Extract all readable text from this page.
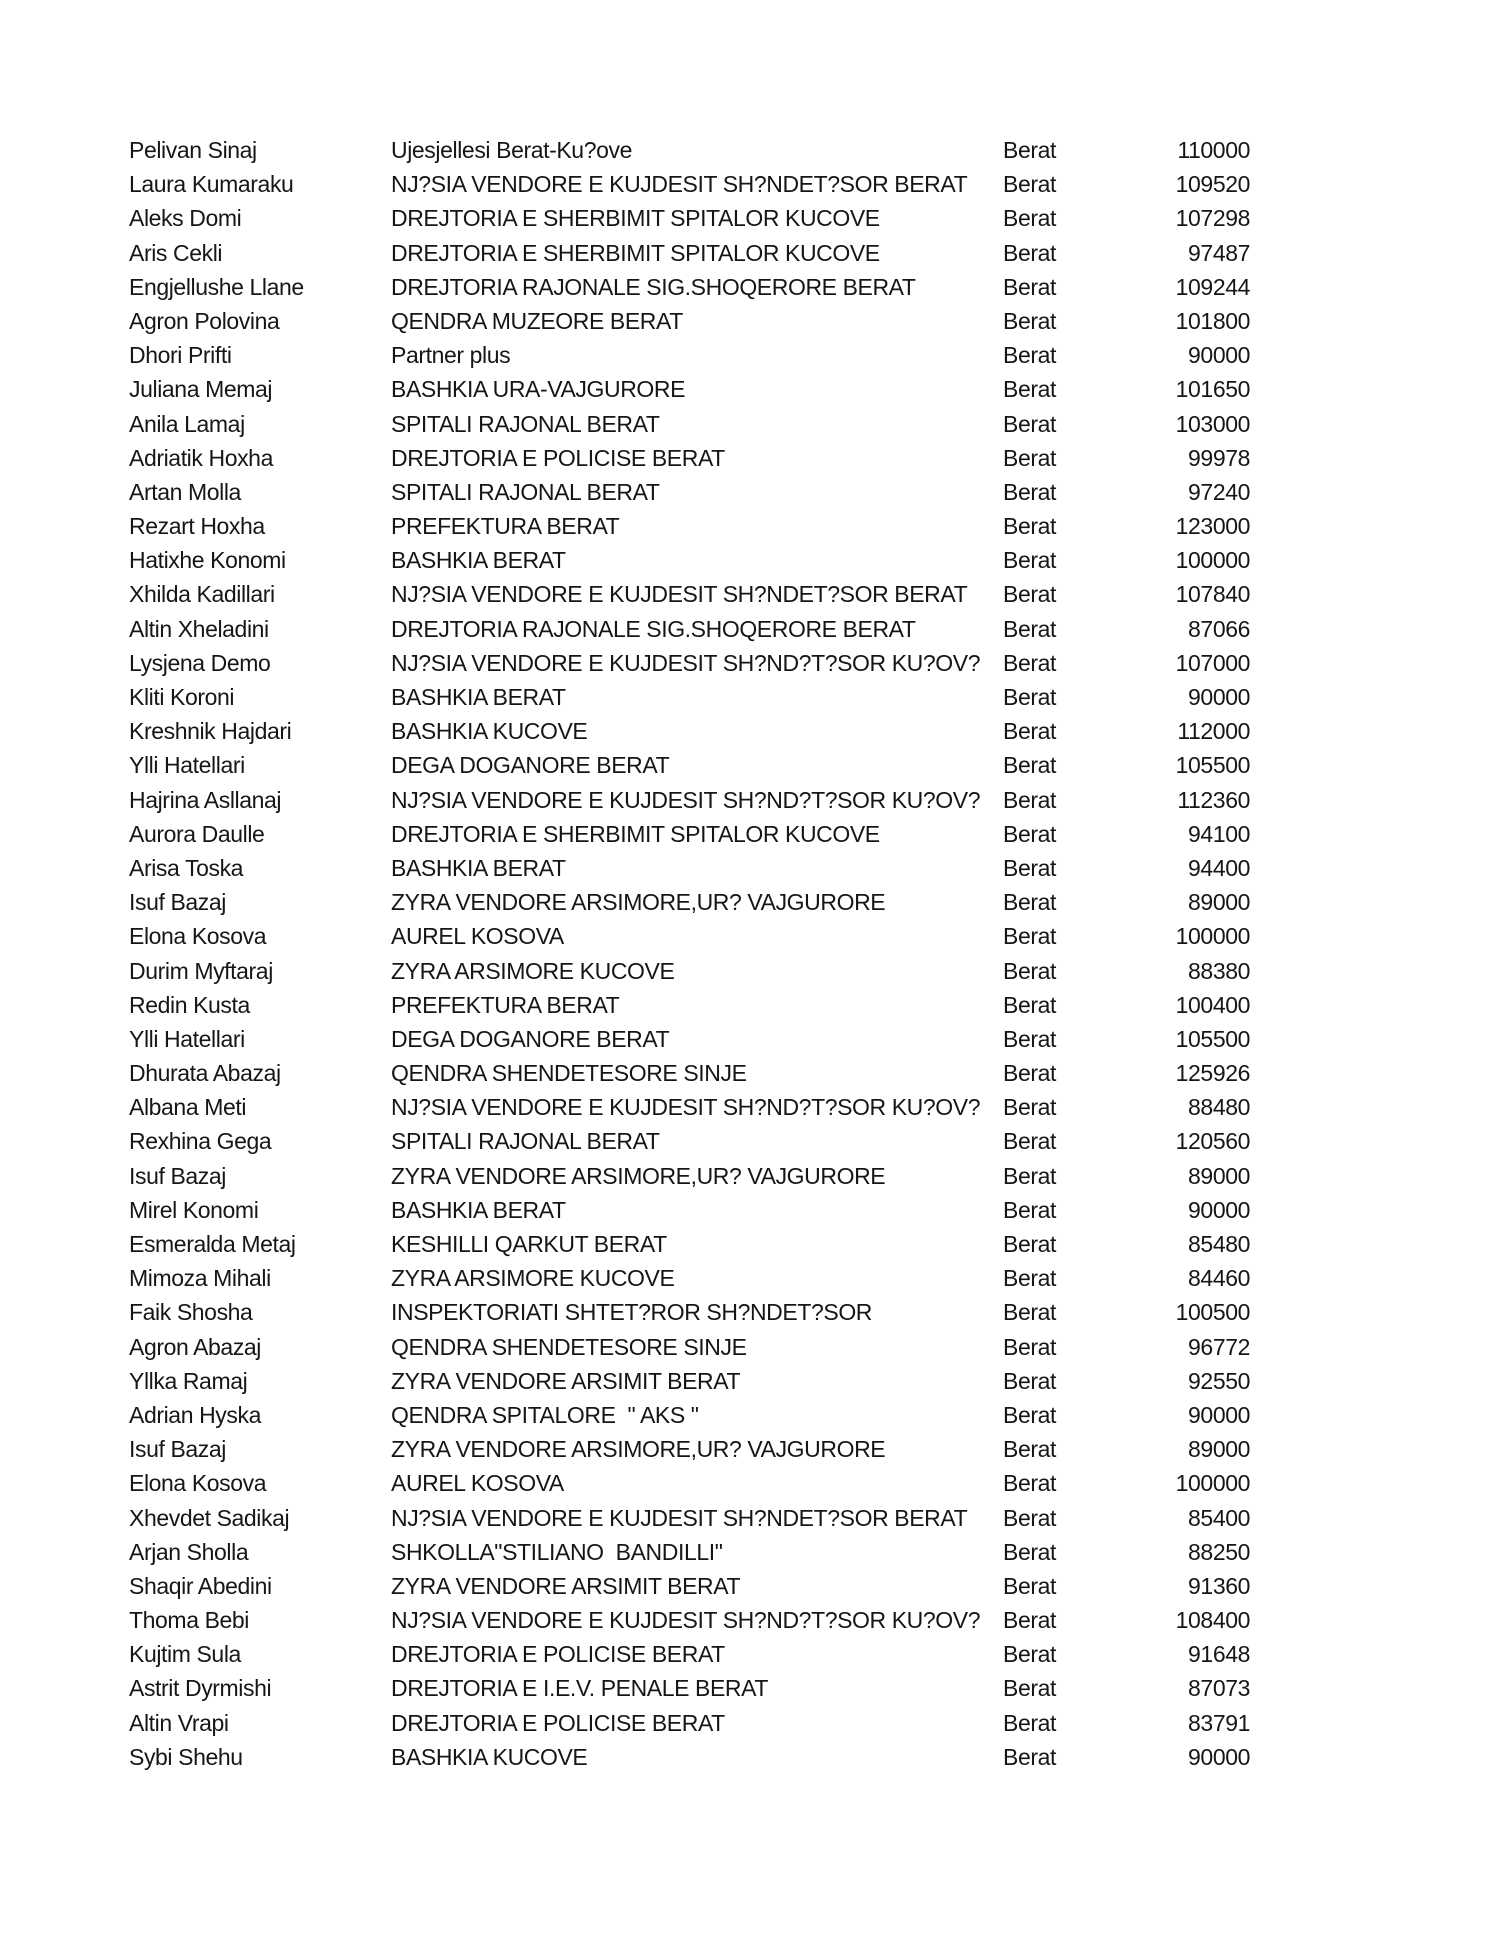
Pelivan Sinaj	Ujesjellesi Berat-Ku?ove	Berat	110000
Laura Kumaraku	NJ?SIA VENDORE E KUJDESIT SH?NDET?SOR BERAT	Berat	109520
Aleks Domi	DREJTORIA E SHERBIMIT SPITALOR KUCOVE	Berat	107298
Aris Cekli	DREJTORIA E SHERBIMIT SPITALOR KUCOVE	Berat	97487
Engjellushe Llane	DREJTORIA RAJONALE SIG.SHOQERORE BERAT	Berat	109244
Agron Polovina	QENDRA MUZEORE BERAT	Berat	101800
Dhori Prifti	Partner plus	Berat	90000
Juliana Memaj	BASHKIA URA-VAJGURORE	Berat	101650
Anila Lamaj	SPITALI RAJONAL BERAT	Berat	103000
Adriatik Hoxha	DREJTORIA E POLICISE BERAT	Berat	99978
Artan Molla	SPITALI RAJONAL BERAT	Berat	97240
Rezart Hoxha	PREFEKTURA BERAT	Berat	123000
Hatixhe Konomi	BASHKIA BERAT	Berat	100000
Xhilda Kadillari	NJ?SIA VENDORE E KUJDESIT SH?NDET?SOR BERAT	Berat	107840
Altin Xheladini	DREJTORIA RAJONALE SIG.SHOQERORE BERAT	Berat	87066
Lysjena Demo	NJ?SIA VENDORE E KUJDESIT SH?ND?T?SOR KU?OV? Berat	107000
Kliti Koroni	BASHKIA BERAT	Berat	90000
Kreshnik Hajdari	BASHKIA KUCOVE	Berat	112000
Ylli Hatellari	DEGA DOGANORE BERAT	Berat	105500
Hajrina Asllanaj	NJ?SIA VENDORE E KUJDESIT SH?ND?T?SOR KU?OV? Berat	112360
Aurora Daulle	DREJTORIA E SHERBIMIT SPITALOR KUCOVE	Berat	94100
Arisa Toska	BASHKIA BERAT	Berat	94400
Isuf Bazaj	ZYRA VENDORE ARSIMORE,UR? VAJGURORE	Berat	89000
Elona Kosova	AUREL KOSOVA	Berat	100000
Durim Myftaraj	ZYRA ARSIMORE KUCOVE	Berat	88380
Redin Kusta	PREFEKTURA BERAT	Berat	100400
Ylli Hatellari	DEGA DOGANORE BERAT	Berat	105500
Dhurata Abazaj	QENDRA SHENDETESORE SINJE	Berat	125926
Albana Meti	NJ?SIA VENDORE E KUJDESIT SH?ND?T?SOR KU?OV? Berat	88480
Rexhina Gega	SPITALI RAJONAL BERAT	Berat	120560
Isuf Bazaj	ZYRA VENDORE ARSIMORE,UR? VAJGURORE	Berat	89000
Mirel Konomi	BASHKIA BERAT	Berat	90000
Esmeralda Metaj	KESHILLI QARKUT BERAT	Berat	85480
Mimoza Mihali	ZYRA ARSIMORE KUCOVE	Berat	84460
Faik Shosha	INSPEKTORIATI SHTET?ROR SH?NDET?SOR	Berat	100500
Agron Abazaj	QENDRA SHENDETESORE SINJE	Berat	96772
Yllka Ramaj	ZYRA VENDORE ARSIMIT BERAT	Berat	92550
Adrian Hyska	QENDRA SPITALORE  " AKS "	Berat	90000
Isuf Bazaj	ZYRA VENDORE ARSIMORE,UR? VAJGURORE	Berat	89000
Elona Kosova	AUREL KOSOVA	Berat	100000
Xhevdet Sadikaj	NJ?SIA VENDORE E KUJDESIT SH?NDET?SOR BERAT	Berat	85400
Arjan Sholla	SHKOLLA"STILIANO  BANDILLI"	Berat	88250
Shaqir Abedini	ZYRA VENDORE ARSIMIT BERAT	Berat	91360
Thoma Bebi	NJ?SIA VENDORE E KUJDESIT SH?ND?T?SOR KU?OV? Berat	108400
Kujtim Sula	DREJTORIA E POLICISE BERAT	Berat	91648
Astrit Dyrmishi	DREJTORIA E I.E.V. PENALE BERAT	Berat	87073
Altin Vrapi	DREJTORIA E POLICISE BERAT	Berat	83791
Sybi Shehu	BASHKIA KUCOVE	Berat	90000
